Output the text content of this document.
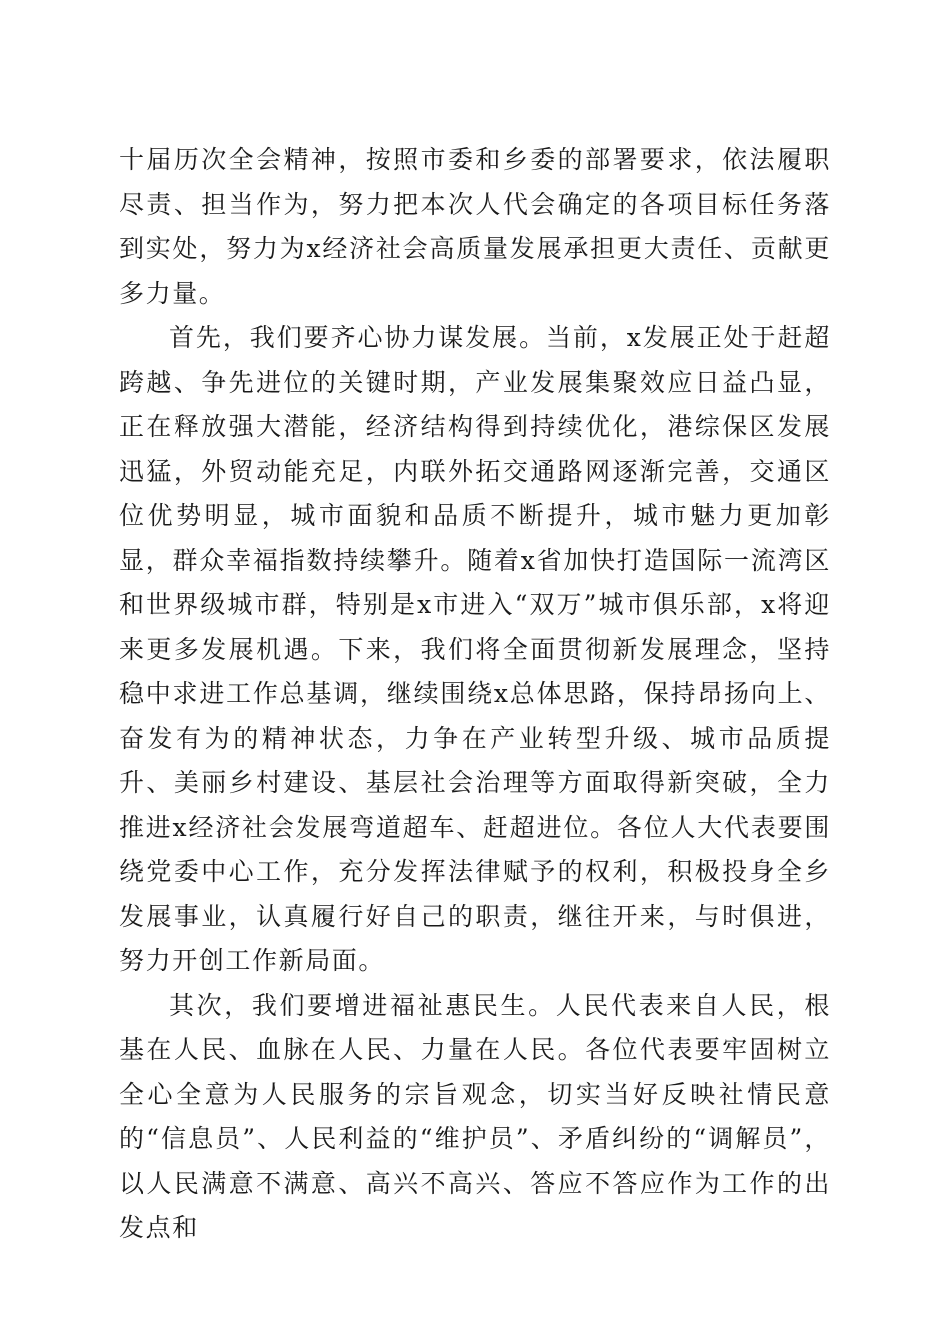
十届历次全会精神，按照市委和乡委的部署要求，依法履职尽责、担当作为，努力把本次人代会确定的各项目标任务落到实处，努力为x经济社会高质量发展承担更大责任、贡献更多力量。

首先，我们要齐心协力谋发展。当前，x发展正处于赶超跨越、争先进位的关键时期，产业发展集聚效应日益凸显，正在释放强大潜能，经济结构得到持续优化，港综保区发展迅猛，外贸动能充足，内联外拓交通路网逐渐完善，交通区位优势明显，城市面貌和品质不断提升，城市魅力更加彰显，群众幸福指数持续攀升。随着x省加快打造国际一流湾区和世界级城市群，特别是x市进入“双万”城市俱乐部，x将迎来更多发展机遇。下来，我们将全面贯彻新发展理念，坚持稳中求进工作总基调，继续围绕x总体思路，保持昂扬向上、奋发有为的精神状态，力争在产业转型升级、城市品质提升、美丽乡村建设、基层社会治理等方面取得新突破，全力推进x经济社会发展弯道超车、赶超进位。各位人大代表要围绕党委中心工作，充分发挥法律赋予的权利，积极投身全乡发展事业，认真履行好自己的职责，继往开来，与时俱进，努力开创工作新局面。

其次，我们要增进福祉惠民生。人民代表来自人民，根基在人民、血脉在人民、力量在人民。各位代表要牢固树立全心全意为人民服务的宗旨观念，切实当好反映社情民意的“信息员”、人民利益的“维护员”、矛盾纠纷的“调解员”，以人民满意不满意、高兴不高兴、答应不答应作为工作的出发点和
